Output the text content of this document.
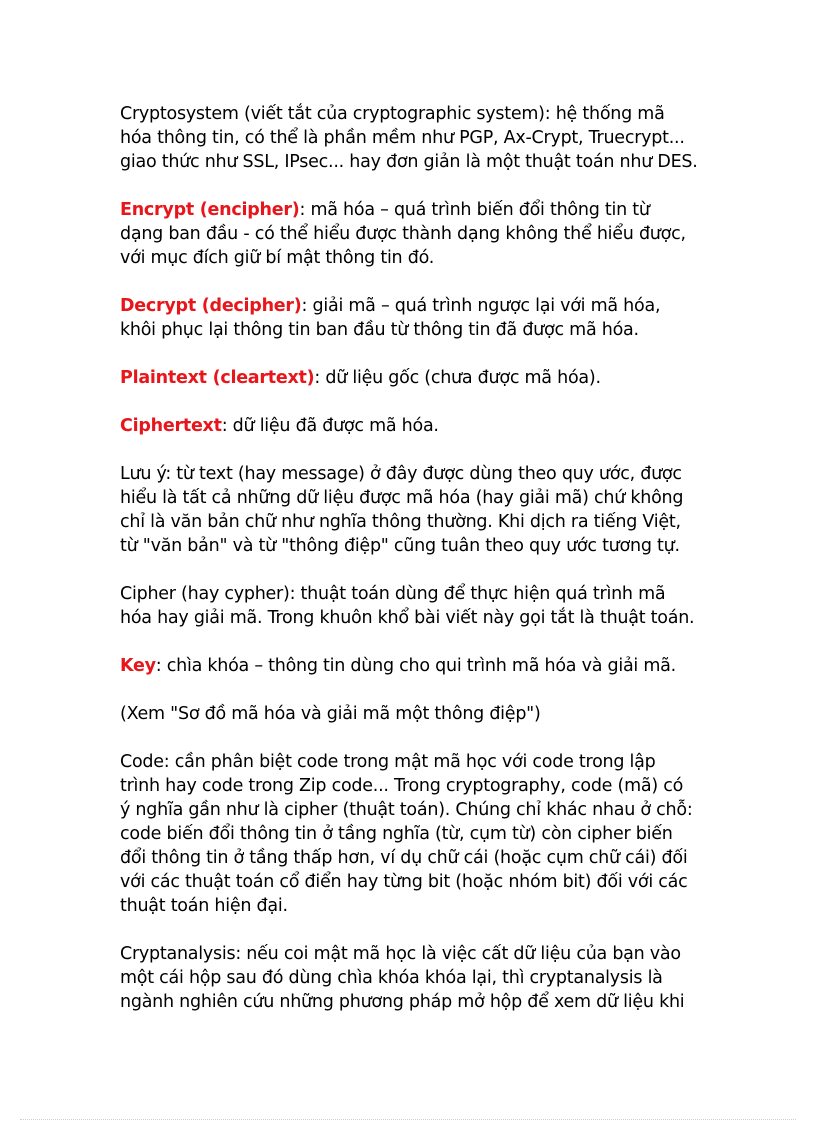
Cryptosystem (viết tắt của cryptographic system): hệ thống mã hóa thông tin, có thể là phần mềm như PGP, Ax-Crypt, Truecrypt... giao thức như SSL, IPsec... hay đơn giản là một thuật toán như DES.

Encrypt (encipher): mã hóa – quá trình biến đổi thông tin từ dạng ban đầu - có thể hiểu được thành dạng không thể hiểu được, với mục đích giữ bí mật thông tin đó.

Decrypt (decipher): giải mã – quá trình ngược lại với mã hóa, khôi phục lại thông tin ban đầu từ thông tin đã được mã hóa.

Plaintext (cleartext): dữ liệu gốc (chưa được mã hóa).

Ciphertext: dữ liệu đã được mã hóa.

Lưu ý: từ text (hay message) ở đây được dùng theo quy ước, được hiểu là tất cả những dữ liệu được mã hóa (hay giải mã) chứ không chỉ là văn bản chữ như nghĩa thông thường. Khi dịch ra tiếng Việt, từ "văn bản" và từ "thông điệp" cũng tuân theo quy ước tương tự.

Cipher (hay cypher): thuật toán dùng để thực hiện quá trình mã hóa hay giải mã. Trong khuôn khổ bài viết này gọi tắt là thuật toán.

Key: chìa khóa – thông tin dùng cho qui trình mã hóa và giải mã.

(Xem "Sơ đồ mã hóa và giải mã một thông điệp")

Code: cần phân biệt code trong mật mã học với code trong lập trình hay code trong Zip code... Trong cryptography, code (mã) có ý nghĩa gần như là cipher (thuật toán). Chúng chỉ khác nhau ở chỗ: code biến đổi thông tin ở tầng nghĩa (từ, cụm từ) còn cipher biến đổi thông tin ở tầng thấp hơn, ví dụ chữ cái (hoặc cụm chữ cái) đối với các thuật toán cổ điển hay từng bit (hoặc nhóm bit) đối với các thuật toán hiện đại.

Cryptanalysis: nếu coi mật mã học là việc cất dữ liệu của bạn vào một cái hộp sau đó dùng chìa khóa khóa lại, thì cryptanalysis là ngành nghiên cứu những phương pháp mở hộp để xem dữ liệu khi
